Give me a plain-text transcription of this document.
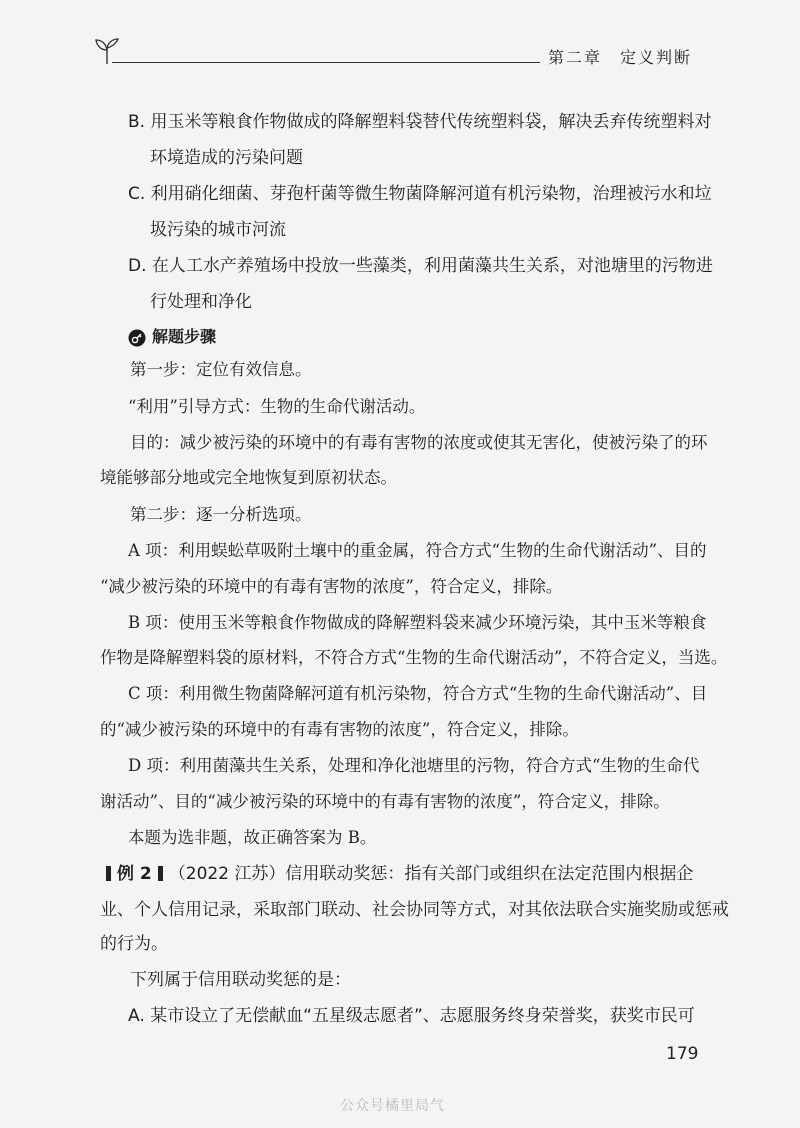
第二章　定义判断
B. 用玉米等粮食作物做成的降解塑料袋替代传统塑料袋，解决丢弃传统塑料对
环境造成的污染问题
C. 利用硝化细菌、芽孢杆菌等微生物菌降解河道有机污染物，治理被污水和垃
圾污染的城市河流
D. 在人工水产养殖场中投放一些藻类，利用菌藻共生关系，对池塘里的污物进
行处理和净化
解题步骤
第一步：定位有效信息。
“利用”引导方式：生物的生命代谢活动。
目的：减少被污染的环境中的有毒有害物的浓度或使其无害化，使被污染了的环
境能够部分地或完全地恢复到原初状态。
第二步：逐一分析选项。
A 项：利用蜈蚣草吸附土壤中的重金属，符合方式“生物的生命代谢活动”、目的
“减少被污染的环境中的有毒有害物的浓度”，符合定义，排除。
B 项：使用玉米等粮食作物做成的降解塑料袋来减少环境污染，其中玉米等粮食
作物是降解塑料袋的原材料，不符合方式“生物的生命代谢活动”，不符合定义，当选。
C 项：利用微生物菌降解河道有机污染物，符合方式“生物的生命代谢活动”、目
的“减少被污染的环境中的有毒有害物的浓度”，符合定义，排除。
D 项：利用菌藻共生关系，处理和净化池塘里的污物，符合方式“生物的生命代
谢活动”、目的“减少被污染的环境中的有毒有害物的浓度”，符合定义，排除。
本题为选非题，故正确答案为 B。
例 2 （2022 江苏）信用联动奖惩：指有关部门或组织在法定范围内根据企
业、个人信用记录，采取部门联动、社会协同等方式，对其依法联合实施奖励或惩戒
的行为。
下列属于信用联动奖惩的是：
A. 某市设立了无偿献血“五星级志愿者”、志愿服务终身荣誉奖，获奖市民可
179
公众号橘里局气
